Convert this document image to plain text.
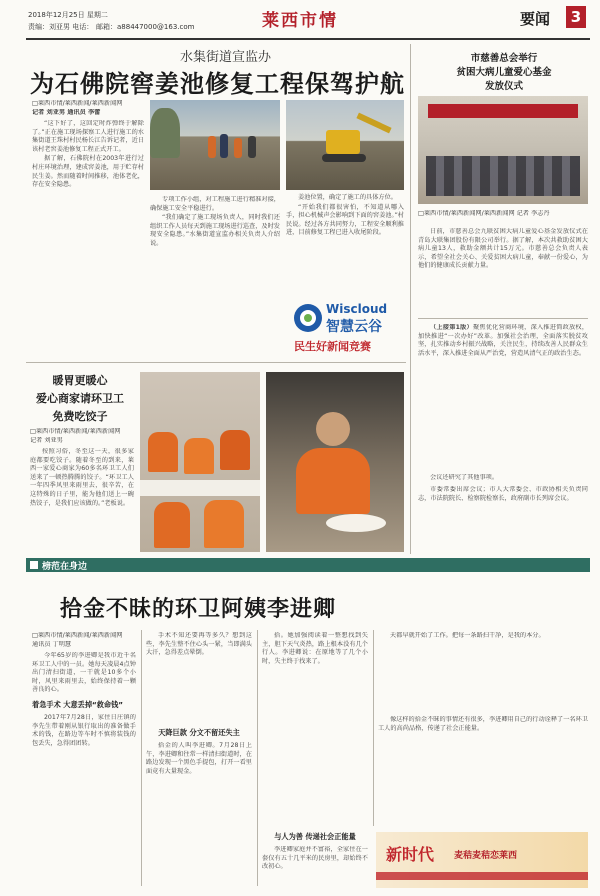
2018年12月25日 星期二
责编：刘亚男 电话： 邮箱：a88447000@163.com	莱西市情	要闻	3
水集街道宣监办
为石佛院窖姜池修复工程保驾护航
□莱西市情/莱西新闻/莱西新闻网
记者 刘亚男 通讯员 李蕾

“这下好了，这回定时炸弹终于解除了。”正在施工现场探察工人进行施工的水集街道王珠村村民杨长江告诉记者，近日该村老窖姜池修复工程正式开工。

据了解，石佛院村在2003年进行过村庄环境治理，建成窖姜池，用于贮存村民生姜。然而随着时间推移，池体老化，存在安全隐患。

专项工作小组，对工程施工进行精准对接，确保施工安全平稳进行。

“我们确定了施工现场负责人，同时我们还组织工作人员每天到施工现场进行巡查，及时发现安全隐患。”水集街道宣监办相关负责人介绍说。

姜池位置，确定了施工的具体方位。

“开始我们都很害怕，不知道从哪入手，担心机械声会影响到下面的窖姜池。”村民说。经过各方共同努力，工程安全顺利推进，目前修复工程已进入收尾阶段。

Wiscloud
智慧云谷
民生好新闻竞赛
市慈善总会举行
贫困大病儿童爱心基金
发放仪式
□莱西市情/莱西新闻网/莱西新闻网 记者 李志丹

日前，市慈善总会九联贫困大病儿童爱心基金发放仪式在青岛大联集团股份有限公司举行。据了解，本次共救助贫困大病儿童13人，救助金额共计15万元。市慈善总会负责人表示，希望全社会关心、关爱贫困大病儿童，奉献一份爱心，为他们的健康成长贡献力量。

（上接第1版）聚焦优化营商环境，深入推进简政放权，加快推进“一次办好”改革。加强社会治理，全面落实脱贫攻坚，扎实推动乡村振兴战略，关注民生，持续改善人民群众生活水平，深入推进全面从严治党，营造风清气正的政治生态。

会议还研究了其他事项。

市委常委出席会议；市人大常委会、市政协相关负责同志，市法院院长、检察院检察长，政府副市长列席会议。

暖胃更暖心
爱心商家请环卫工
免费吃饺子
□莱西市情/莱西新闻/莱西新闻网
记者 刘亚男

按照习俗，冬至这一天，很多家庭都要吃饺子。随着冬至的到来，莱西一家爱心商家为60多名环卫工人们送来了一顿热腾腾的饺子。“环卫工人一年四季风里来雨里去，很辛苦，在这特殊的日子里，能为他们送上一碗热饺子，是我们应该做的。”老板说。

榜范在身边
拾金不昧的环卫阿姨李进卿
□莱西市情/莱西新闻/莱西新闻网
通讯员 丁明慧

今年65岁的李进卿是我市近千名环卫工人中的一员。她每天凌晨4点钟出门清扫街道，一干就是10多个小时，风里来雨里去，始终保持着一颗善良的心。

着急手术 大意丢掉“救命钱”

2017年7月28日，家住日庄镇的李先生带着刚从银行取出的准备做手术的钱，在路边等车时不慎将装钱的包丢失，急得团团转。

手术不知还要再等多久？想到这些，李先生整不住心头一紧，当即满头大汗，急得差点晕倒。

天降巨款 分文不留还失主

拾金的人叫李进卿。7月28日上午，李进卿和往常一样清扫街道时，在路边发现一个黑色手提包，打开一看里面竟有大量现金。

拾。她加强阅读着一整想找到失主，胆下天气炎热，路上根本没有几个行人。李进卿说：在原地等了几个小时，失主终于找来了。

与人为善 传递社会正能量

李进卿家庭并不富裕，全家住在一套仅有五十几平米的民房里，却始终不改初心。

天都早就开始了工作。把每一条路扫干净，是我的本分。

像这样的拾金不昧的事情还有很多，李进卿用自己的行动诠释了一名环卫工人的高尚品格，传递了社会正能量。

新时代 麦秸麦秸恋莱西
